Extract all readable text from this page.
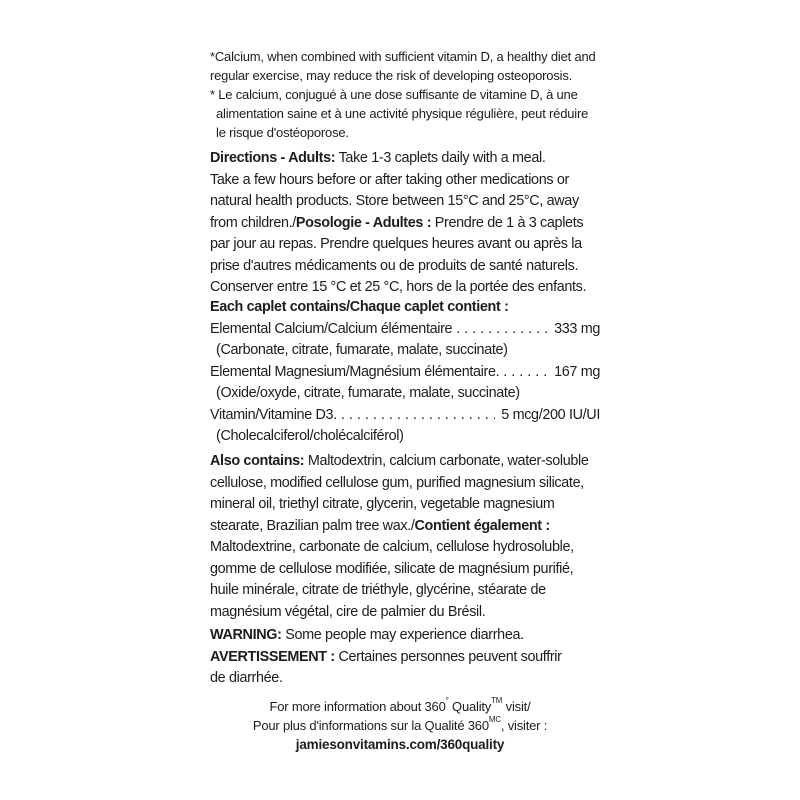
*Calcium, when combined with sufficient vitamin D, a healthy diet and
regular exercise, may reduce the risk of developing osteoporosis.
* Le calcium, conjugué à une dose suffisante de vitamine D, à une
alimentation saine et à une activité physique régulière, peut réduire
le risque d'ostéoporose.
Directions - Adults: Take 1-3 caplets daily with a meal.
Take a few hours before or after taking other medications or
natural health products. Store between 15°C and 25°C, away
from children./Posologie - Adultes : Prendre de 1 à 3 caplets
par jour au repas. Prendre quelques heures avant ou après la
prise d'autres médicaments ou de produits de santé naturels.
Conserver entre 15 °C et 25 °C, hors de la portée des enfants.
Each caplet contains/Chaque caplet contient :
Elemental Calcium/Calcium élémentaire . . .	333 mg
(Carbonate, citrate, fumarate, malate, succinate)
Elemental Magnesium/Magnésium élémentaire. . . .	167 mg
(Oxide/oxyde, citrate, fumarate, malate, succinate)
Vitamin/Vitamine D3. . . .	5 mcg/200 IU/UI
(Cholecalciferol/cholécalciférol)
Also contains: Maltodextrin, calcium carbonate, water-soluble
cellulose, modified cellulose gum, purified magnesium silicate,
mineral oil, triethyl citrate, glycerin, vegetable magnesium
stearate, Brazilian palm tree wax./Contient également :
Maltodextrine, carbonate de calcium, cellulose hydrosoluble,
gomme de cellulose modifiée, silicate de magnésium purifié,
huile minérale, citrate de triéthyle, glycérine, stéarate de
magnésium végétal, cire de palmier du Brésil.
WARNING: Some people may experience diarrhea.
AVERTISSEMENT : Certaines personnes peuvent souffrir
de diarrhée.
For more information about 360° Quality™ visit/
Pour plus d'informations sur la Qualité $360^{MC}$, visiter :
jamiesonvitamins.com/360quality
